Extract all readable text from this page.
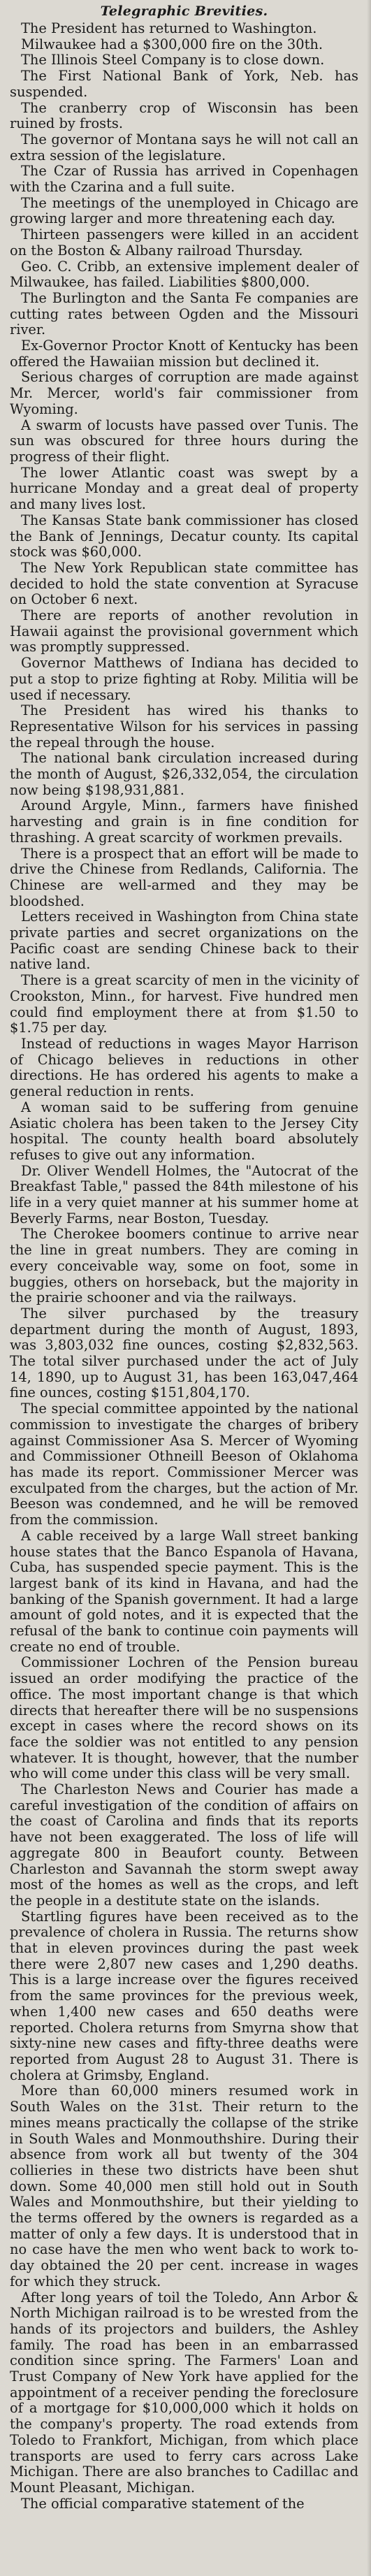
Telegraphic Brevities.

The President has returned to Washington.

Milwaukee had a $300,000 fire on the 30th.

The Illinois Steel Company is to close down.

The First National Bank of York, Neb. has suspended.

The cranberry crop of Wisconsin has been ruined by frosts.

The governor of Montana says he will not call an extra session of the legislature.

The Czar of Russia has arrived in Copenhagen with the Czarina and a full suite.

The meetings of the unemployed in Chicago are growing larger and more threatening each day.

Thirteen passengers were killed in an accident on the Boston & Albany railroad Thursday.

Geo. C. Cribb, an extensive implement dealer of Milwaukee, has failed. Liabilities $800,000.

The Burlington and the Santa Fe companies are cutting rates between Ogden and the Missouri river.

Ex-Governor Proctor Knott of Kentucky has been offered the Hawaiian mission but declined it.

Serious charges of corruption are made against Mr. Mercer, world's fair commissioner from Wyoming.

A swarm of locusts have passed over Tunis. The sun was obscured for three hours during the progress of their flight.

The lower Atlantic coast was swept by a hurricane Monday and a great deal of property and many lives lost.

The Kansas State bank commissioner has closed the Bank of Jennings, Decatur county. Its capital stock was $60,000.

The New York Republican state committee has decided to hold the state convention at Syracuse on October 6 next.

There are reports of another revolution in Hawaii against the provisional government which was promptly suppressed.

Governor Matthews of Indiana has decided to put a stop to prize fighting at Roby. Militia will be used if necessary.

The President has wired his thanks to Representative Wilson for his services in passing the repeal through the house.

The national bank circulation increased during the month of August, $26,332,054, the circulation now being $198,931,881.

Around Argyle, Minn., farmers have finished harvesting and grain is in fine condition for thrashing. A great scarcity of workmen prevails.

There is a prospect that an effort will be made to drive the Chinese from Redlands, California. The Chinese are well-armed and they may be bloodshed.

Letters received in Washington from China state private parties and secret organizations on the Pacific coast are sending Chinese back to their native land.

There is a great scarcity of men in the vicinity of Crookston, Minn., for harvest. Five hundred men could find employment there at from $1.50 to $1.75 per day.

Instead of reductions in wages Mayor Harrison of Chicago believes in reductions in other directions. He has ordered his agents to make a general reduction in rents.

A woman said to be suffering from genuine Asiatic cholera has been taken to the Jersey City hospital. The county health board absolutely refuses to give out any information.

Dr. Oliver Wendell Holmes, the "Autocrat of the Breakfast Table," passed the 84th milestone of his life in a very quiet manner at his summer home at Beverly Farms, near Boston, Tuesday.

The Cherokee boomers continue to arrive near the line in great numbers. They are coming in every conceivable way, some on foot, some in buggies, others on horseback, but the majority in the prairie schooner and via the railways.

The silver purchased by the treasury department during the month of August, 1893, was 3,803,032 fine ounces, costing $2,832,563. The total silver purchased under the act of July 14, 1890, up to August 31, has been 163,047,464 fine ounces, costing $151,804,170.

The special committee appointed by the national commission to investigate the charges of bribery against Commissioner Asa S. Mercer of Wyoming and Commissioner Othneill Beeson of Oklahoma has made its report. Commissioner Mercer was exculpated from the charges, but the action of Mr. Beeson was condemned, and he will be removed from the commission.

A cable received by a large Wall street banking house states that the Banco Espanola of Havana, Cuba, has suspended specie payment. This is the largest bank of its kind in Havana, and had the banking of the Spanish government. It had a large amount of gold notes, and it is expected that the refusal of the bank to continue coin payments will create no end of trouble.

Commissioner Lochren of the Pension bureau issued an order modifying the practice of the office. The most important change is that which directs that hereafter there will be no suspensions except in cases where the record shows on its face the soldier was not entitled to any pension whatever. It is thought, however, that the number who will come under this class will be very small.

The Charleston News and Courier has made a careful investigation of the condition of affairs on the coast of Carolina and finds that its reports have not been exaggerated. The loss of life will aggregate 800 in Beaufort county. Between Charleston and Savannah the storm swept away most of the homes as well as the crops, and left the people in a destitute state on the islands.

Startling figures have been received as to the prevalence of cholera in Russia. The returns show that in eleven provinces during the past week there were 2,807 new cases and 1,290 deaths. This is a large increase over the figures received from the same provinces for the previous week, when 1,400 new cases and 650 deaths were reported. Cholera returns from Smyrna show that sixty-nine new cases and fifty-three deaths were reported from August 28 to August 31. There is cholera at Grimsby, England.

More than 60,000 miners resumed work in South Wales on the 31st. Their return to the mines means practically the collapse of the strike in South Wales and Monmouthshire. During their absence from work all but twenty of the 304 collieries in these two districts have been shut down. Some 40,000 men still hold out in South Wales and Monmouthshire, but their yielding to the terms offered by the owners is regarded as a matter of only a few days. It is understood that in no case have the men who went back to work to-day obtained the 20 per cent. increase in wages for which they struck.

After long years of toil the Toledo, Ann Arbor & North Michigan railroad is to be wrested from the hands of its projectors and builders, the Ashley family. The road has been in an embarrassed condition since spring. The Farmers' Loan and Trust Company of New York have applied for the appointment of a receiver pending the foreclosure of a mortgage for $10,000,000 which it holds on the company's property. The road extends from Toledo to Frankfort, Michigan, from which place transports are used to ferry cars across Lake Michigan. There are also branches to Cadillac and Mount Pleasant, Michigan.

The official comparative statement of the
